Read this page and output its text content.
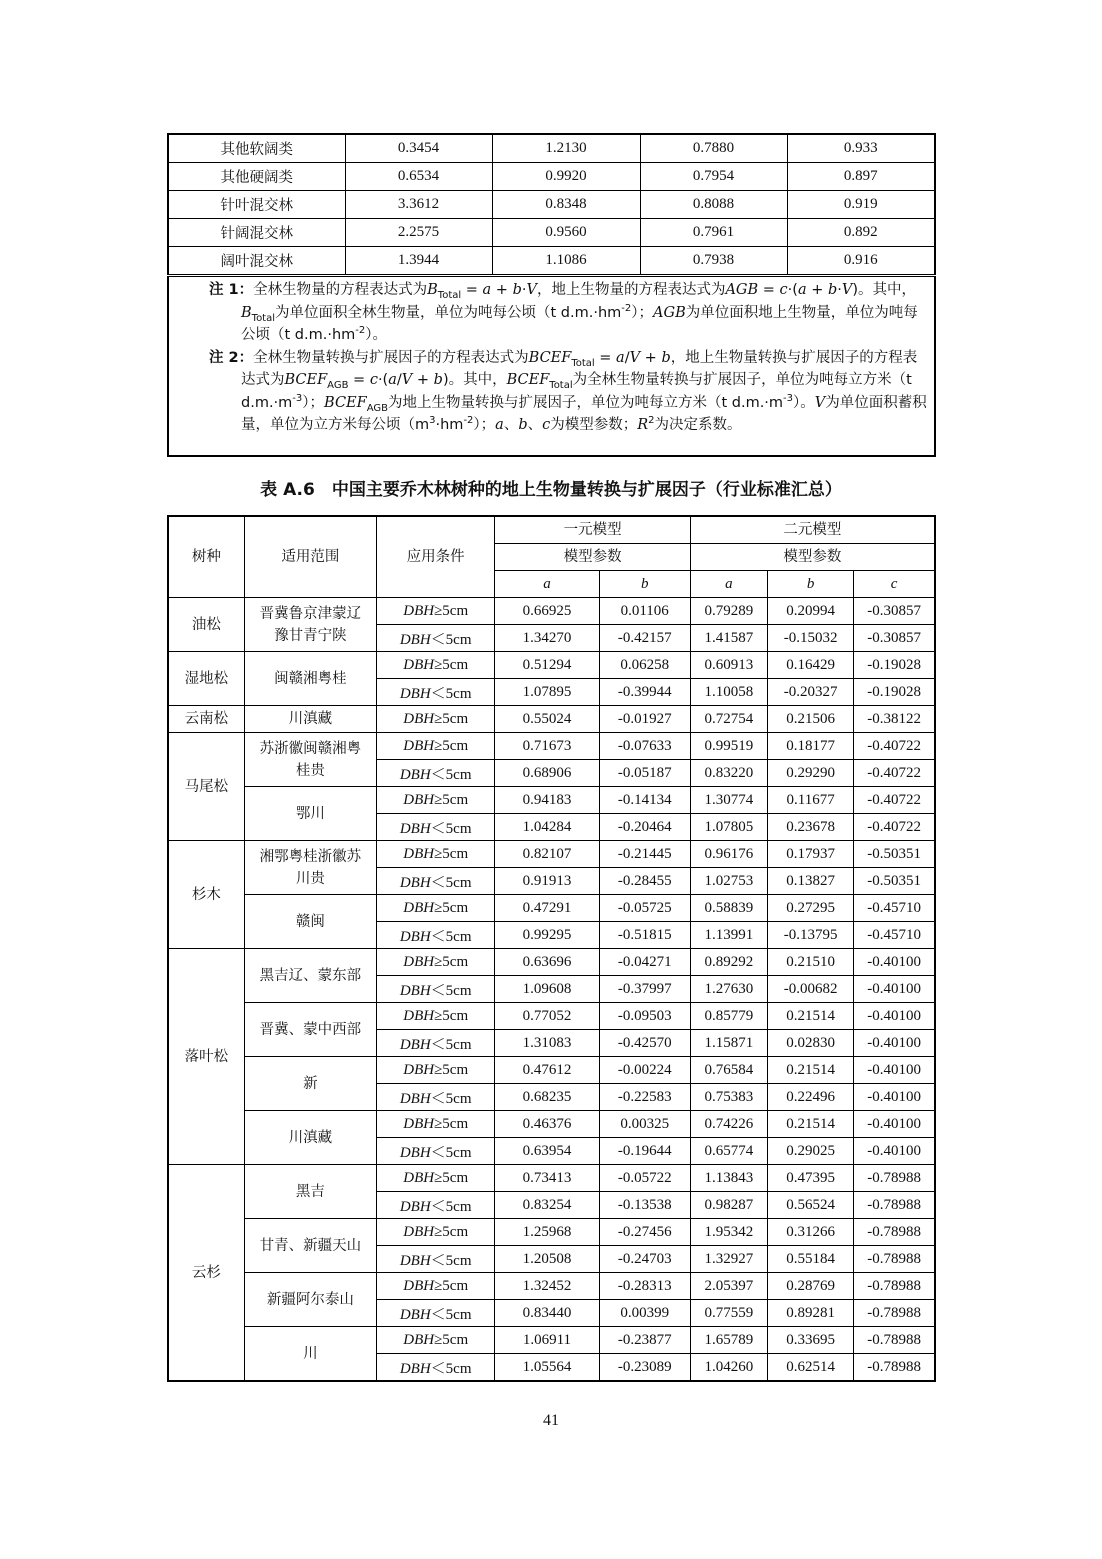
其他软阔类	0.3454	1.2130	0.7880	0.933
其他硬阔类	0.6534	0.9920	0.7954	0.897
针叶混交林	3.3612	0.8348	0.8088	0.919
针阔混交林	2.2575	0.9560	0.7961	0.892
阔叶混交林	1.3944	1.1086	0.7938	0.916
注 1：全林生物量的方程表达式为$B_{Total} = a + b\cdot V$，地上生物量的方程表达式为AGB = c·(a + b·V)。其中，$B_{Total}$为单位面积全林生物量，单位为吨每公顷（t $d.m.\cdot hm^{-2}$）；AGB为单位面积地上生物量，单位为吨每公顷（t $d.m.\cdot hm^{-2}$）。
注 2：全林生物量转换与扩展因子的方程表达式为$BCEF_{Total} = a/V + b$，地上生物量转换与扩展因子的方程表达式为$BCEF_{AGB} = c\cdot(a/V + b)$。其中，$BCEF_{Total}$为全林生物量转换与扩展因子，单位为吨每立方米（t $d.m.\cdot m^{-3}$）；$BCEF_{AGB}$为地上生物量转换与扩展因子，单位为吨每立方米（t $d.m.\cdot m^{-3}$）。V为单位面积蓄积量，单位为立方米每公顷$(m^3\cdot hm^{-2})$；a、b、c为模型参数；$R^2$为决定系数。
表 A.6　中国主要乔木林树种的地上生物量转换与扩展因子（行业标准汇总）
树种	适用范围	应用条件	一元模型		二元模型		
			模型参数		模型参数		
			a	b	a	b	c
油松	晋冀鲁京津蒙辽豫甘青宁陕	DBH≥5cm	0.66925	0.01106	0.79289	0.20994	-0.30857
		DBH＜5cm	1.34270	-0.42157	1.41587	-0.15032	-0.30857
湿地松	闽赣湘粤桂	DBH≥5cm	0.51294	0.06258	0.60913	0.16429	-0.19028
		DBH＜5cm	1.07895	-0.39944	1.10058	-0.20327	-0.19028
云南松	川滇藏	DBH≥5cm	0.55024	-0.01927	0.72754	0.21506	-0.38122
马尾松	苏浙徽闽赣湘粤桂贵	DBH≥5cm	0.71673	-0.07633	0.99519	0.18177	-0.40722
		DBH＜5cm	0.68906	-0.05187	0.83220	0.29290	-0.40722
	鄂川	DBH≥5cm	0.94183	-0.14134	1.30774	0.11677	-0.40722
		DBH＜5cm	1.04284	-0.20464	1.07805	0.23678	-0.40722
杉木	湘鄂粤桂浙徽苏川贵	DBH≥5cm	0.82107	-0.21445	0.96176	0.17937	-0.50351
		DBH＜5cm	0.91913	-0.28455	1.02753	0.13827	-0.50351
	赣闽	DBH≥5cm	0.47291	-0.05725	0.58839	0.27295	-0.45710
		DBH＜5cm	0.99295	-0.51815	1.13991	-0.13795	-0.45710
落叶松	黑吉辽、蒙东部	DBH≥5cm	0.63696	-0.04271	0.89292	0.21510	-0.40100
		DBH＜5cm	1.09608	-0.37997	1.27630	-0.00682	-0.40100
	晋冀、蒙中西部	DBH≥5cm	0.77052	-0.09503	0.85779	0.21514	-0.40100
		DBH＜5cm	1.31083	-0.42570	1.15871	0.02830	-0.40100
	新	DBH≥5cm	0.47612	-0.00224	0.76584	0.21514	-0.40100
		DBH＜5cm	0.68235	-0.22583	0.75383	0.22496	-0.40100
	川滇藏	DBH≥5cm	0.46376	0.00325	0.74226	0.21514	-0.40100
		DBH＜5cm	0.63954	-0.19644	0.65774	0.29025	-0.40100
云杉	黑吉	DBH≥5cm	0.73413	-0.05722	1.13843	0.47395	-0.78988
		DBH＜5cm	0.83254	-0.13538	0.98287	0.56524	-0.78988
	甘青、新疆天山	DBH≥5cm	1.25968	-0.27456	1.95342	0.31266	-0.78988
		DBH＜5cm	1.20508	-0.24703	1.32927	0.55184	-0.78988
	新疆阿尔泰山	DBH≥5cm	1.32452	-0.28313	2.05397	0.28769	-0.78988
		DBH＜5cm	0.83440	0.00399	0.77559	0.89281	-0.78988
	川	DBH≥5cm	1.06911	-0.23877	1.65789	0.33695	-0.78988
		DBH＜5cm	1.05564	-0.23089	1.04260	0.62514	-0.78988
41
